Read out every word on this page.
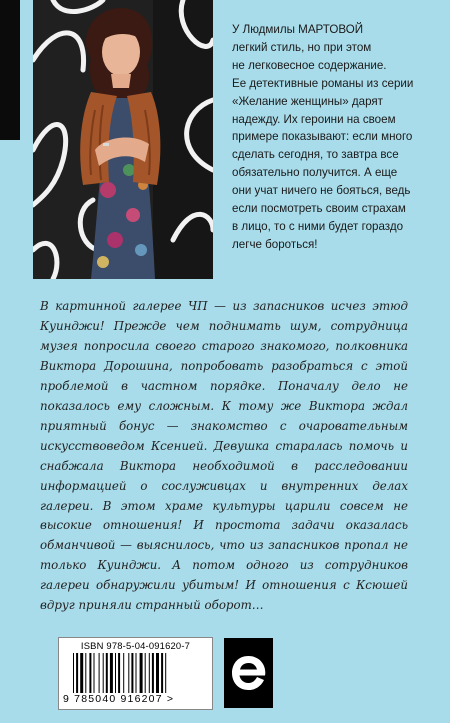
У Людмилы МАРТОВОЙ

легкий стиль, но при этом

не легковесное содержание.

Ее детективные романы из серии

«Желание женщины» дарят

надежду. Их героини на своем

примере показывают: если много

сделать сегодня, то завтра все

обязательно получится. А еще

они учат ничего не бояться, ведь

если посмотреть своим страхам

в лицо, то с ними будет гораздо

легче бороться!

В картинной галерее ЧП — из запасников исчез этюд Куинджи! Прежде чем поднимать шум, сотрудница музея попросила своего старого знакомого, полковника Виктора Дорошина, попробовать разобраться с этой проблемой в частном порядке. Поначалу дело не показалось ему сложным. К тому же Виктора ждал приятный бонус — знакомство с очаровательным искусствоведом Ксенией. Девушка старалась помочь и снабжала Виктора необходимой в расследовании информацией о сослуживцах и внутренних делах галереи. В этом храме культуры царили совсем не высокие отношения! И простота задачи оказалась обманчивой — выяснилось, что из запасников пропал не только Куинджи. А потом одного из сотрудников галереи обнаружили убитым! И отношения с Ксюшей вдруг приняли странный оборот…

ISBN 978-5-04-091620-7
9 785040 916207 >
